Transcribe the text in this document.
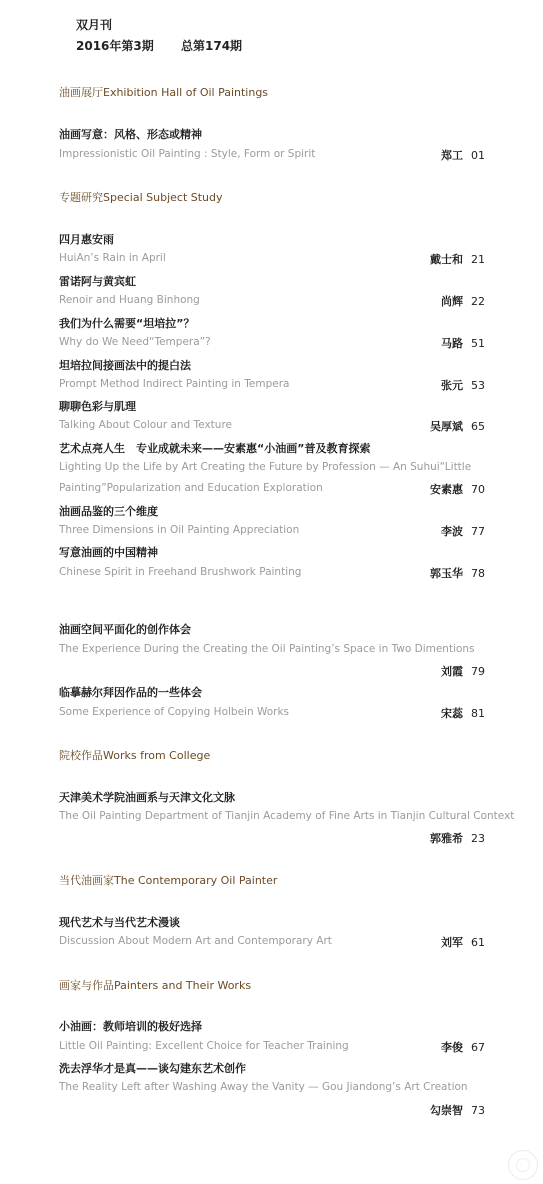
双月刊
2016年第3期 总第174期
油画展厅Exhibition Hall of Oil Paintings
油画写意：风格、形态或精神
Impressionistic Oil Painting : Style, Form or Spirit	郑工 01
专题研究Special Subject Study
四月惠安雨
HuiAn’s Rain in April	戴士和 21
雷诺阿与黄宾虹
Renoir and Huang Binhong	尚辉 22
我们为什么需要“坦培拉”？
Why do We Need“Tempera”?	马路 51
坦培拉间接画法中的提白法
Prompt Method Indirect Painting in Tempera	张元 53
聊聊色彩与肌理
Talking About Colour and Texture	吴厚斌 65
艺术点亮人生　专业成就未来——安素惠“小油画”普及教育探索
Lighting Up the Life by Art Creating the Future by Profession — An Suhui“Little
Painting”Popularization and Education Exploration	安素惠 70
油画品鉴的三个维度
Three Dimensions in Oil Painting Appreciation	李波 77
写意油画的中国精神
Chinese Spirit in Freehand Brushwork Painting	郭玉华 78
油画空间平面化的创作体会
The Experience During the Creating the Oil Painting’s Space in Two Dimentions
刘霞 79
临摹赫尔拜因作品的一些体会
Some Experience of Copying Holbein Works	宋蕊 81
院校作品Works from College
天津美术学院油画系与天津文化文脉
The Oil Painting Department of Tianjin Academy of Fine Arts in Tianjin Cultural Context
郭雅希 23
当代油画家The Contemporary Oil Painter
现代艺术与当代艺术漫谈
Discussion About Modern Art and Contemporary Art	刘军 61
画家与作品Painters and Their Works
小油画：教师培训的极好选择
Little Oil Painting: Excellent Choice for Teacher Training	李俊 67
洗去浮华才是真——谈勾建东艺术创作
The Reality Left after Washing Away the Vanity — Gou Jiandong’s Art Creation
勾崇智 73
